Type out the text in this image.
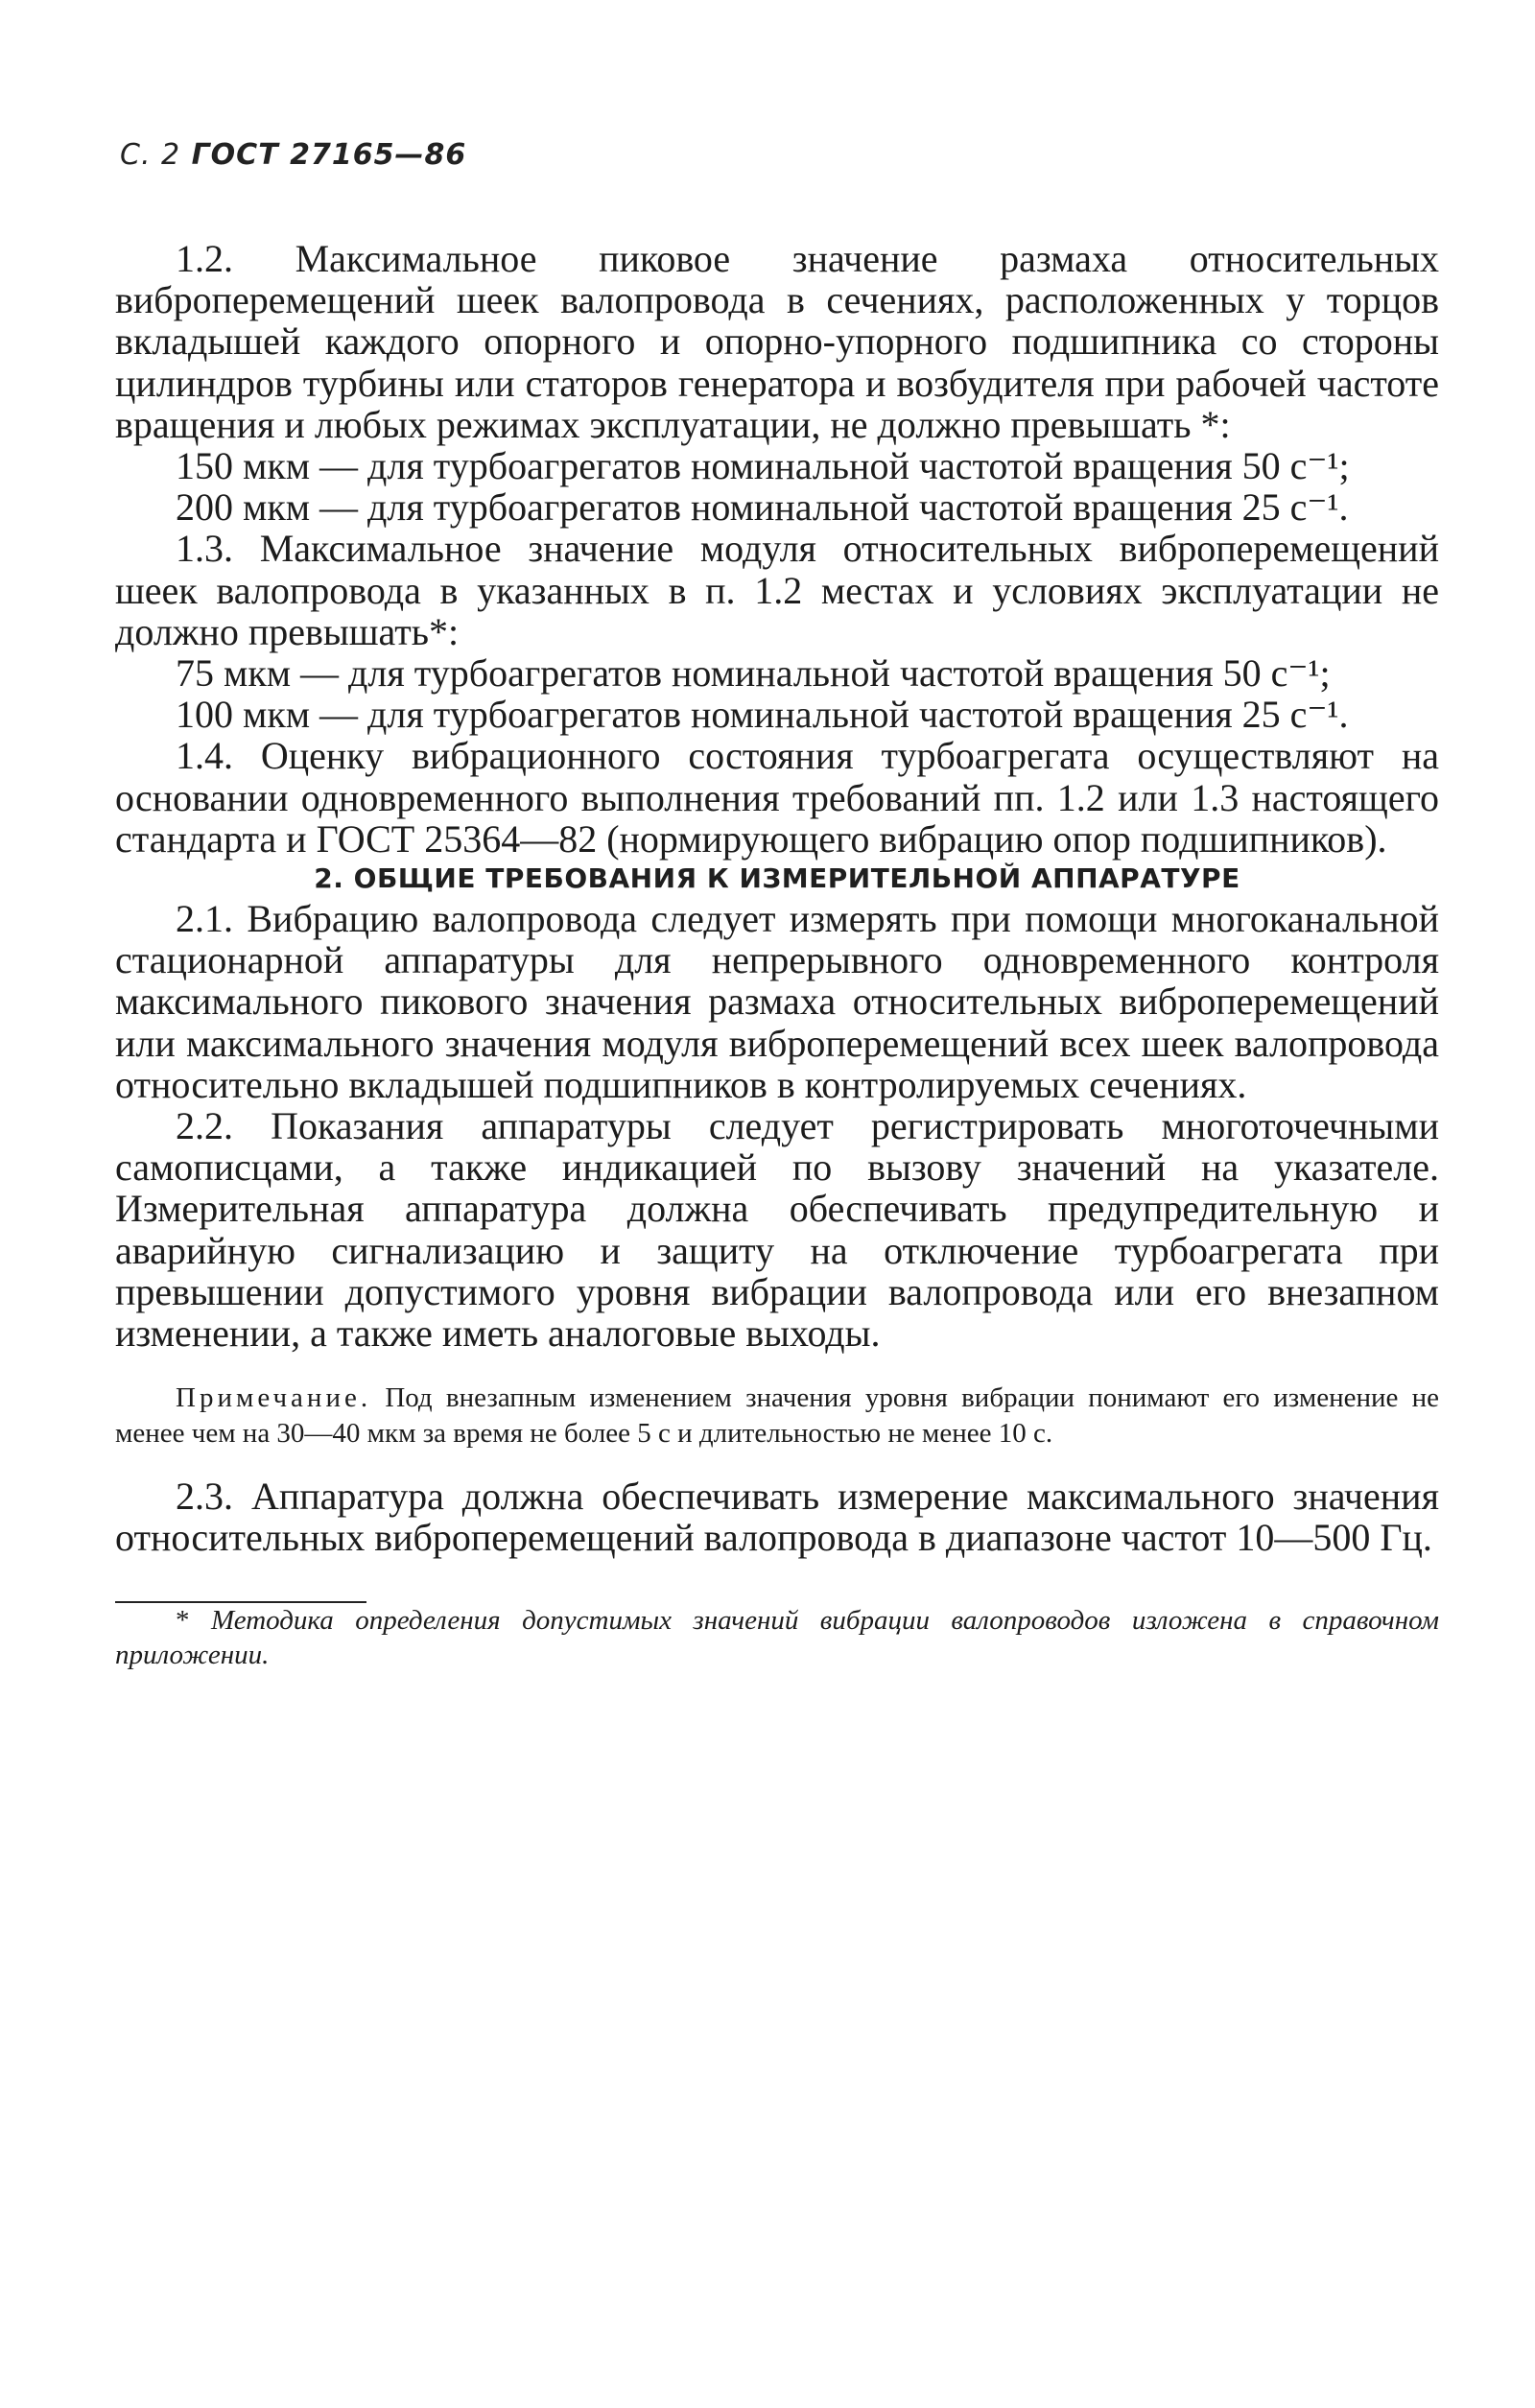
С. 2 ГОСТ 27165—86

1.2. Максимальное пиковое значение размаха относительных виброперемещений шеек валопровода в сечениях, расположенных у торцов вкладышей каждого опорного и опорно-упорного подшипника со стороны цилиндров турбины или статоров генератора и возбудителя при рабочей частоте вращения и любых режимах эксплуатации, не должно превышать *:

150 мкм — для турбоагрегатов номинальной частотой вращения 50 с⁻¹;

200 мкм — для турбоагрегатов номинальной частотой вращения 25 с⁻¹.

1.3. Максимальное значение модуля относительных виброперемещений шеек валопровода в указанных в п. 1.2 местах и условиях эксплуатации не должно превышать*:

75 мкм — для турбоагрегатов номинальной частотой вращения 50 с⁻¹;

100 мкм — для турбоагрегатов номинальной частотой вращения 25 с⁻¹.

1.4. Оценку вибрационного состояния турбоагрегата осуществляют на основании одновременного выполнения требований пп. 1.2 или 1.3 настоящего стандарта и ГОСТ 25364—82 (нормирующего вибрацию опор подшипников).

2. ОБЩИЕ ТРЕБОВАНИЯ К ИЗМЕРИТЕЛЬНОЙ АППАРАТУРЕ

2.1. Вибрацию валопровода следует измерять при помощи многоканальной стационарной аппаратуры для непрерывного одновременного контроля максимального пикового значения размаха относительных виброперемещений или максимального значения модуля виброперемещений всех шеек валопровода относительно вкладышей подшипников в контролируемых сечениях.

2.2. Показания аппаратуры следует регистрировать многоточечными самописцами, а также индикацией по вызову значений на указателе. Измерительная аппаратура должна обеспечивать предупредительную и аварийную сигнализацию и защиту на отключение турбоагрегата при превышении допустимого уровня вибрации валопровода или его внезапном изменении, а также иметь аналоговые выходы.

Примечание. Под внезапным изменением значения уровня вибрации понимают его изменение не менее чем на 30—40 мкм за время не более 5 с и длительностью не менее 10 с.

2.3. Аппаратура должна обеспечивать измерение максимального значения относительных виброперемещений валопровода в диапазоне частот 10—500 Гц.

* Методика определения допустимых значений вибрации валопроводов изложена в справочном приложении.
